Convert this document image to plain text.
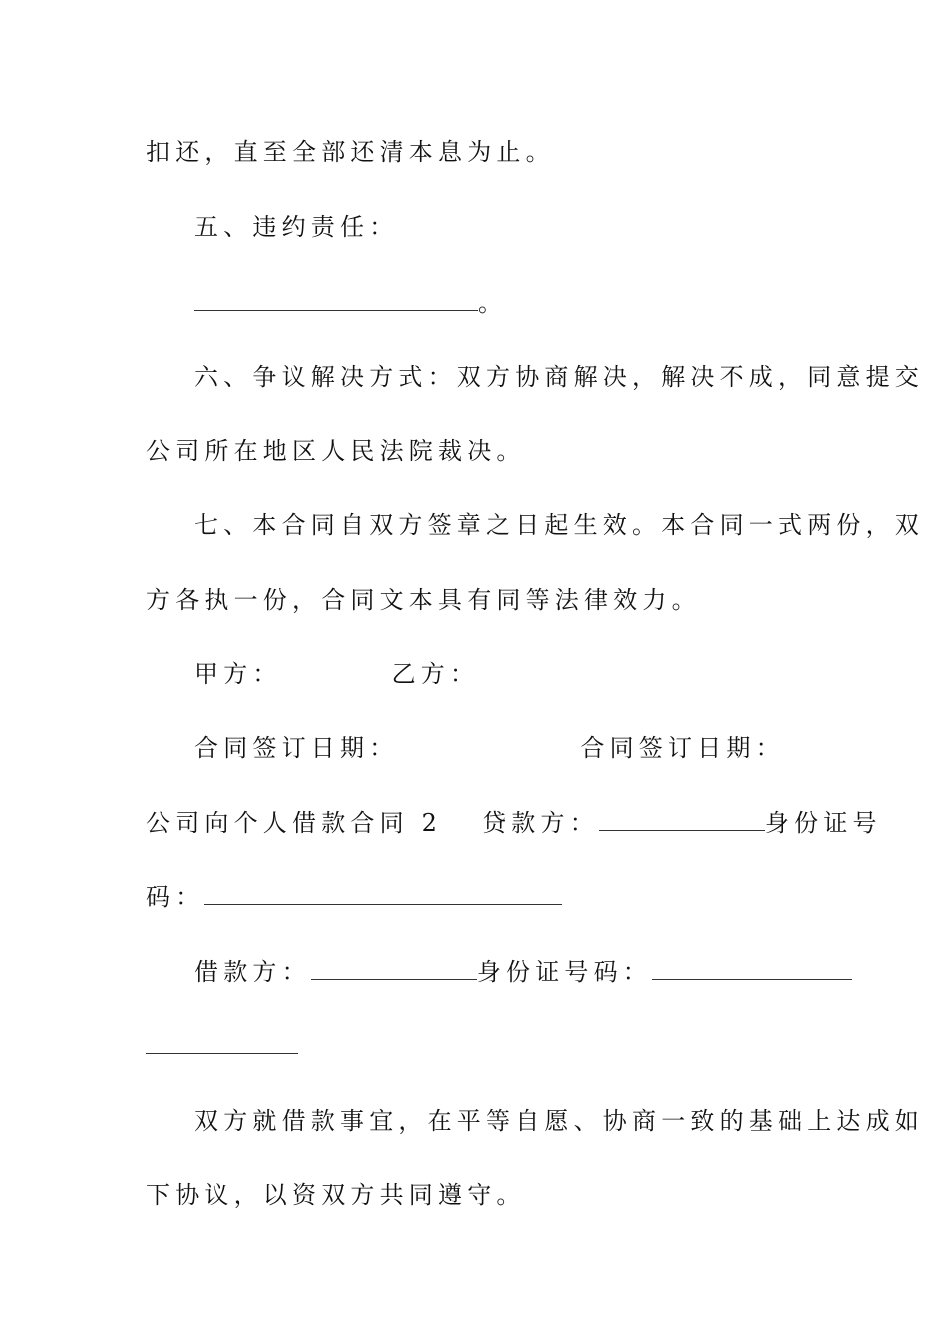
扣还，直至全部还清本息为止。
五、违约责任：
。
六、争议解决方式：双方协商解决，解决不成，同意提交
公司所在地区人民法院裁决。
七、本合同自双方签章之日起生效。本合同一式两份，双
方各执一份，合同文本具有同等法律效力。
甲方：	乙方：
合同签订日期：	合同签订日期：
公司向个人借款合同 2 贷款方：	身份证号
码：
借款方：	身份证号码：
双方就借款事宜，在平等自愿、协商一致的基础上达成如
下协议，以资双方共同遵守。
